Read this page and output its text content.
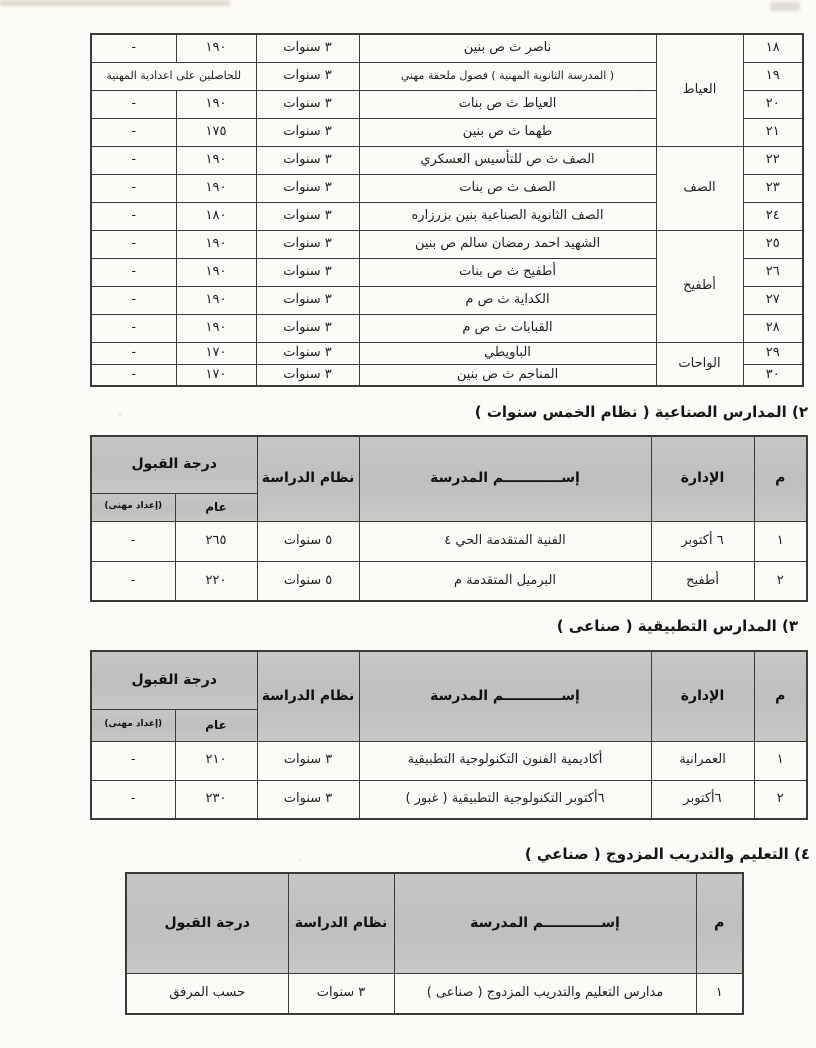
١٨	العياط	ناصر ث ص بنين	٣ سنوات	١٩٠	-
١٩		( المدرسة الثانوية المهنية ) فصول ملحقة مهني	٣ سنوات	للحاصلين على اعدادية المهنية	
٢٠		العياط ث ص بنات	٣ سنوات	١٩٠	-
٢١		طهما ث ص بنين	٣ سنوات	١٧٥	-
٢٢	الصف	الصف ث ص للتأسيس العسكري	٣ سنوات	١٩٠	-
٢٣		الصف ث ص بنات	٣ سنوات	١٩٠	-
٢٤		الصف الثانوية الصناعية بنين بزرزاره	٣ سنوات	١٨٠	-
٢٥	أطفيح	الشهيد احمد رمضان سالم ص بنين	٣ سنوات	١٩٠	-
٢٦		أطفيح ث ص بنات	٣ سنوات	١٩٠	-
٢٧		الكداية ث ص م	٣ سنوات	١٩٠	-
٢٨		القبابات ث ص م	٣ سنوات	١٩٠	-
٢٩	الواحات	الباويطي	٣ سنوات	١٧٠	-
٣٠		المناجم ث ص بنين	٣ سنوات	١٧٠	-
٢) المدارس الصناعية ( نظام الخمس سنوات )
م	الإدارة	إســــــــــــم المدرسة	نظام الدراسة	درجة القبول	
				عام	(إعداد مهنى)
١	٦ أكتوبر	الفنية المتقدمة الحي ٤	٥ سنوات	٢٦٥	-
٢	أطفيح	البرميل المتقدمة م	٥ سنوات	٢٢٠	-
٣) المدارس التطبيقية ( صناعى )
م	الإدارة	إســــــــــــم المدرسة	نظام الدراسة	درجة القبول	
				عام	(إعداد مهنى)
١	العمرانية	أكاديمية الفنون التكنولوجية التطبيقية	٣ سنوات	٢١٠	-
٢	٦أكتوبر	٦أكتوبر التكنولوجية التطبيقية ( غبور )	٣ سنوات	٢٣٠	-
٤) التعليم والتدريب المزدوج ( صناعي )
م	إســــــــــــم المدرسة	نظام الدراسة	درجة القبول
١	مدارس التعليم والتدريب المزدوج ( صناعى )	٣ سنوات	حسب المرفق
